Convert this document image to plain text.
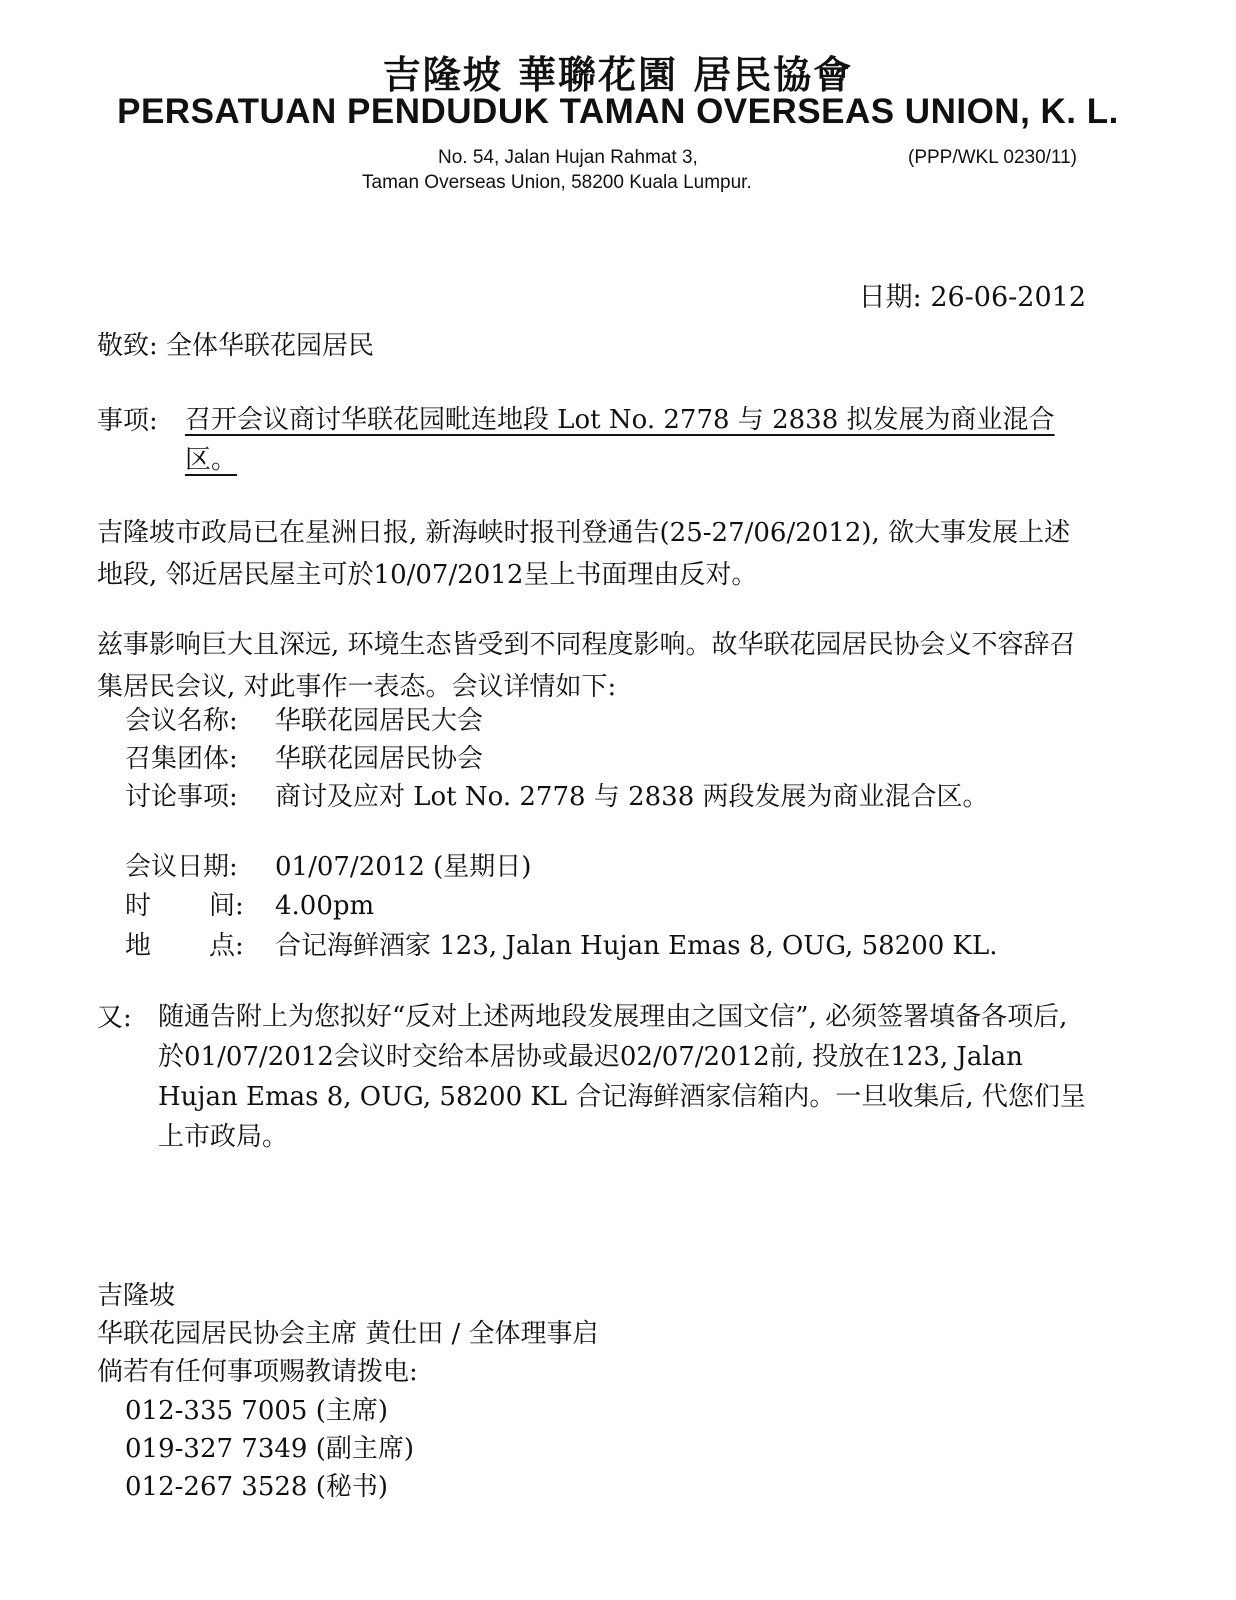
吉隆坡 華聯花園 居民協會
PERSATUAN PENDUDUK TAMAN OVERSEAS UNION, K. L.
No. 54, Jalan Hujan Rahmat 3,	(PPP/WKL 0230/11)
Taman Overseas Union, 58200 Kuala Lumpur.
日期: 26-06-2012
敬致: 全体华联花园居民
事项: 召开会议商讨华联花园毗连地段 Lot No. 2778 与 2838 拟发展为商业混合区。
吉隆坡市政局已在星洲日报, 新海峡时报刊登通告(25-27/06/2012), 欲大事发展上述地段, 邻近居民屋主可於10/07/2012呈上书面理由反对。
兹事影响巨大且深远, 环境生态皆受到不同程度影响。故华联花园居民协会义不容辞召集居民会议, 对此事作一表态。会议详情如下:
会议名称: 华联花园居民大会
召集团体: 华联花园居民协会
讨论事项: 商讨及应对 Lot No. 2778 与 2838 两段发展为商业混合区。
会议日期: 01/07/2012 (星期日)
时 间: 4.00pm
地 点: 合记海鲜酒家 123, Jalan Hujan Emas 8, OUG, 58200 KL.
又: 随通告附上为您拟好“反对上述两地段发展理由之国文信”, 必须签署填备各项后, 於01/07/2012会议时交给本居协或最迟02/07/2012前, 投放在123, Jalan Hujan Emas 8, OUG, 58200 KL 合记海鲜酒家信箱内。一旦收集后, 代您们呈上市政局。
吉隆坡
华联花园居民协会主席 黄仕田 / 全体理事启
倘若有任何事项赐教请拨电:
012-335 7005 (主席)
019-327 7349 (副主席)
012-267 3528 (秘书)
